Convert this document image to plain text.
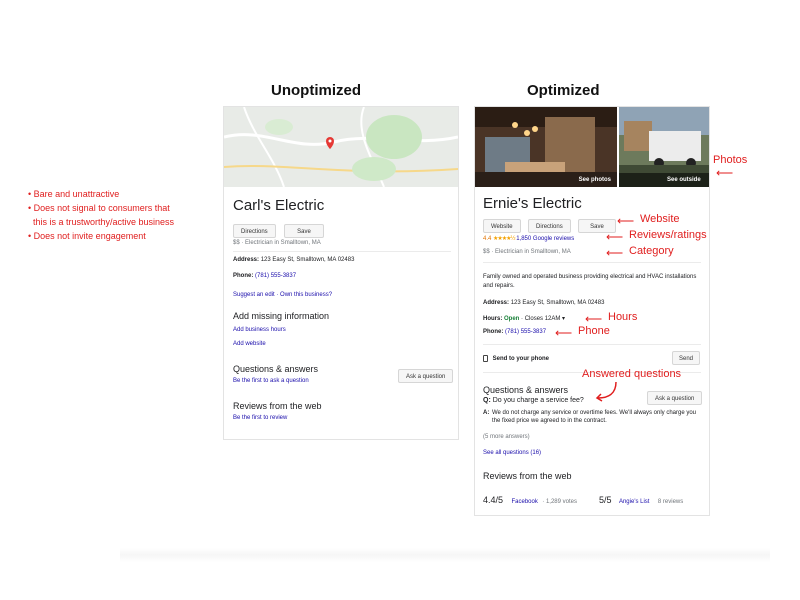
Unoptimized	Optimized
• Bare and unattractive
• Does not signal to consumers that
this is a trustworthy/active business
• Does not invite engagement
Carl's Electric
Directions	Save
$$ · Electrician in Smalltown, MA
Address: 123 Easy St, Smalltown, MA 02483
Phone: (781) 555-3837
Suggest an edit · Own this business?
Add missing information
Add business hours
Add website
Questions & answers
Be the first to ask a question
Ask a question
Reviews from the web
Be the first to review
See photos	See outside
Ernie's Electric
Website	Directions	Save
4.4 ★★★★½ 1,850 Google reviews
$$ · Electrician in Smalltown, MA
Family owned and operated business providing electrical and HVAC installations and repairs.
Address: 123 Easy St, Smalltown, MA 02483
Hours: Open · Closes 12AM ▾
Phone: (781) 555-3837
Send to your phone	Send
Questions & answers
Ask a question
Q: Do you charge a service fee?
A: We do not charge any service or overtime fees. We'll always only charge you the fixed price we agreed to in the contract.
(5 more answers)
See all questions (16)
Reviews from the web
4.4/5 Facebook · 1,289 votes 5/5 Angie's List 8 reviews
Photos
⟵
⟵ Website
⟵ Reviews/ratings
⟵ Category
⟵ Hours
⟵ Phone
Answered questions
